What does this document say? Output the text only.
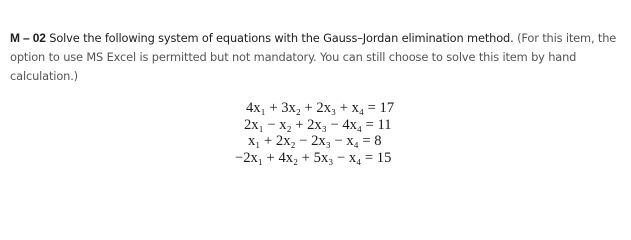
M – 02 Solve the following system of equations with the Gauss–Jordan elimination method. (For this item, the option to use MS Excel is permitted but not mandatory. You can still choose to solve this item by hand calculation.)
4x₁ + 3x₂ + 2x₃ + x₄ = 17
2x₁ − x₂ + 2x₃ − 4x₄ = 11
x₁ + 2x₂ − 2x₃ − x₄ = 8
−2x₁ + 4x₂ + 5x₃ − x₄ = 15
